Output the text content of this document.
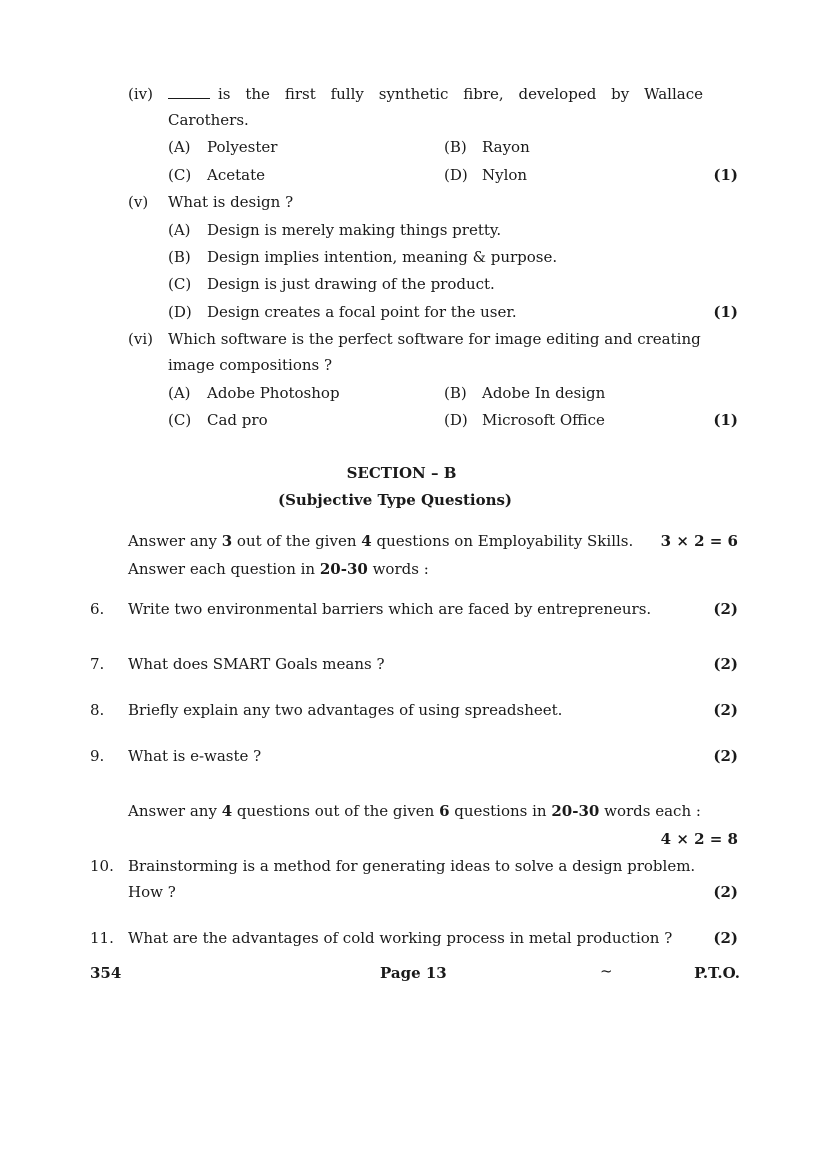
(iv)	is the first fully synthetic fibre, developed by Wallace
Carothers.
(A) Polyester	(B) Rayon
(C) Acetate	(D) Nylon	(1)
(v) What is design ?
(A) Design is merely making things pretty.
(B) Design implies intention, meaning & purpose.
(C) Design is just drawing of the product.
(D) Design creates a focal point for the user.	(1)
(vi) Which software is the perfect software for image editing and creating
image compositions ?
(A) Adobe Photoshop	(B) Adobe In design
(C) Cad pro	(D) Microsoft Office	(1)
SECTION – B
(Subjective Type Questions)
Answer any 3 out of the given 4 questions on Employability Skills. 3 × 2 = 6
Answer each question in 20-30 words :
6. Write two environmental barriers which are faced by entrepreneurs.	(2)
7. What does SMART Goals means ?	(2)
8. Briefly explain any two advantages of using spreadsheet.	(2)
9. What is e-waste ?	(2)
Answer any 4 questions out of the given 6 questions in 20-30 words each :
4 × 2 = 8
10. Brainstorming is a method for generating ideas to solve a design problem.
How ?	(2)
11. What are the advantages of cold working process in metal production ?	(2)
354	Page 13	~	P.T.O.
